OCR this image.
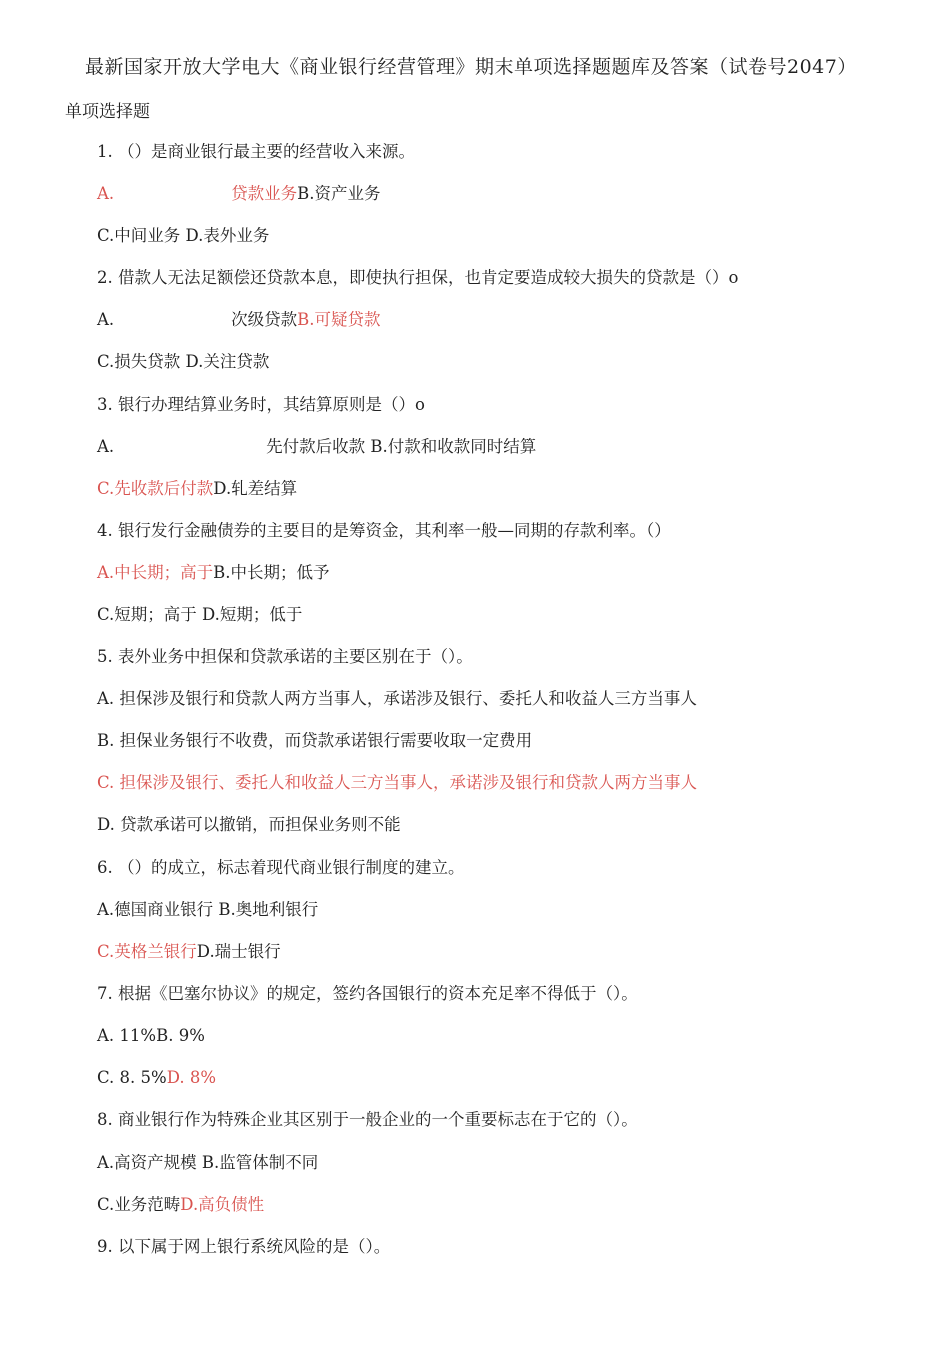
最新国家开放大学电大《商业银行经营管理》期末单项选择题题库及答案（试卷号2047）
单项选择题
1. （）是商业银行最主要的经营收入来源。
A.	贷款业务B.资产业务
C.中间业务 D.表外业务
2. 借款人无法足额偿还贷款本息，即使执行担保，也肯定要造成较大损失的贷款是（）o
A.	次级贷款B.可疑贷款
C.损失贷款 D.关注贷款
3. 银行办理结算业务时，其结算原则是（）o
A.	先付款后收款 B.付款和收款同时结算
C.先收款后付款D.轧差结算
4. 银行发行金融债券的主要目的是筹资金，其利率一般—同期的存款利率。（）
A.中长期；高于B.中长期；低予
C.短期；高于 D.短期；低于
5. 表外业务中担保和贷款承诺的主要区别在于（）。
A. 担保涉及银行和贷款人两方当事人，承诺涉及银行、委托人和收益人三方当事人
B. 担保业务银行不收费，而贷款承诺银行需要收取一定费用
C. 担保涉及银行、委托人和收益人三方当事人，承诺涉及银行和贷款人两方当事人
D. 贷款承诺可以撤销，而担保业务则不能
6. （）的成立，标志着现代商业银行制度的建立。
A.德国商业银行 B.奥地利银行
C.英格兰银行D.瑞士银行
7. 根据《巴塞尔协议》的规定，签约各国银行的资本充足率不得低于（）。
A. 11%B. 9%
C. 8. 5%D. 8%
8. 商业银行作为特殊企业其区别于一般企业的一个重要标志在于它的（）。
A.高资产规模 B.监管体制不同
C.业务范畴D.高负债性
9. 以下属于网上银行系统风险的是（）。
